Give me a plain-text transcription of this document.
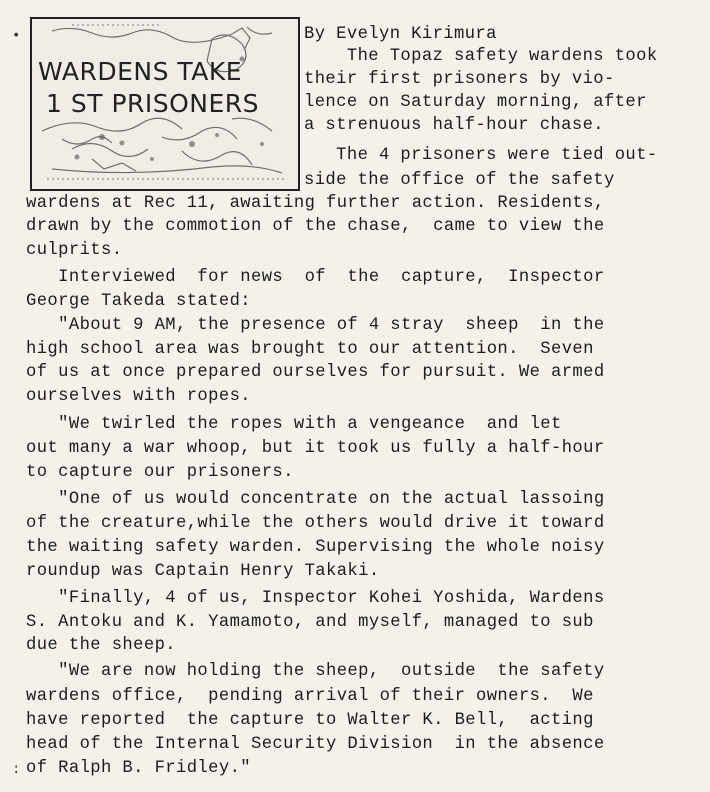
•
:
WARDENS TAKE
1 ST PRISONERS
By Evelyn Kirimura
The Topaz safety wardens took
their first prisoners by vio-
lence on Saturday morning, after
a strenuous half-hour chase.
The 4 prisoners were tied out-
side the office of the safety
wardens at Rec 11, awaiting further action. Residents,
drawn by the commotion of the chase,  came to view the
culprits.
Interviewed  for news  of  the  capture,  Inspector
George Takeda stated:
"About 9 AM, the presence of 4 stray  sheep  in the
high school area was brought to our attention.  Seven
of us at once prepared ourselves for pursuit. We armed
ourselves with ropes.
"We twirled the ropes with a vengeance  and let
out many a war whoop, but it took us fully a half-hour
to capture our prisoners.
"One of us would concentrate on the actual lassoing
of the creature,while the others would drive it toward
the waiting safety warden. Supervising the whole noisy
roundup was Captain Henry Takaki.
"Finally, 4 of us, Inspector Kohei Yoshida, Wardens
S. Antoku and K. Yamamoto, and myself, managed to sub
due the sheep.
"We are now holding the sheep,  outside  the safety
wardens office,  pending arrival of their owners.  We
have reported  the capture to Walter K. Bell,  acting
head of the Internal Security Division  in the absence
of Ralph B. Fridley."
